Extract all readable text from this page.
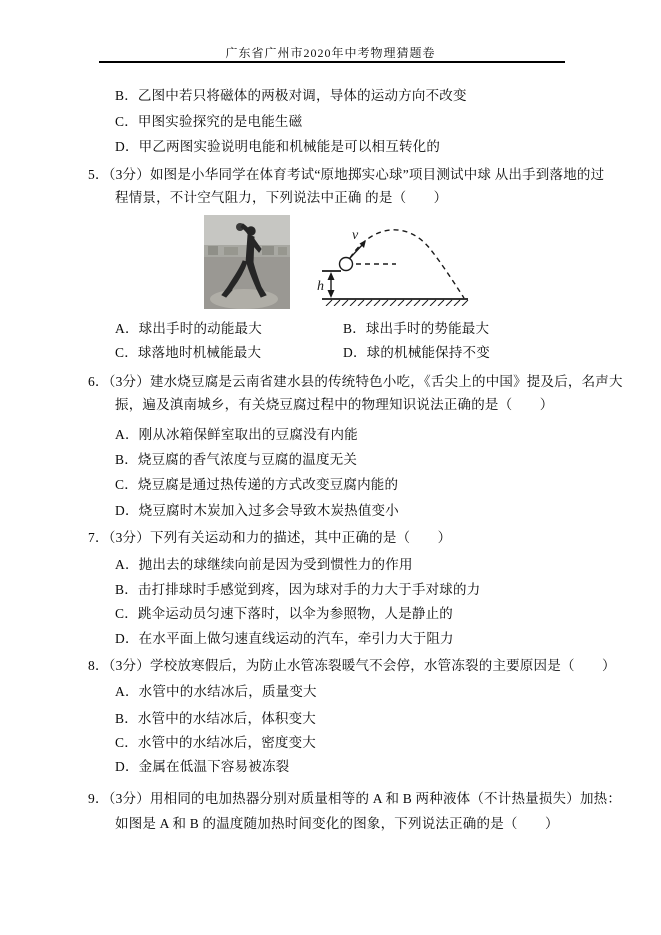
广东省广州市2020年中考物理猜题卷
B．乙图中若只将磁体的两极对调，导体的运动方向不改变
C．甲图实验探究的是电能生磁
D．甲乙两图实验说明电能和机械能是可以相互转化的
5．（3分）如图是小华同学在体育考试“原地掷实心球”项目测试中球 从出手到落地的过
程情景，不计空气阻力，下列说法中正确 的是（　　）
v
h
A．球出手时的动能最大	B．球出手时的势能最大
C．球落地时机械能最大	D．球的机械能保持不变
6．（3分）建水烧豆腐是云南省建水县的传统特色小吃，《舌尖上的中国》提及后，名声大
振，遍及滇南城乡，有关烧豆腐过程中的物理知识说法正确的是（　　）
A．刚从冰箱保鲜室取出的豆腐没有内能
B．烧豆腐的香气浓度与豆腐的温度无关
C．烧豆腐是通过热传递的方式改变豆腐内能的
D．烧豆腐时木炭加入过多会导致木炭热值变小
7．（3分）下列有关运动和力的描述，其中正确的是（　　）
A．抛出去的球继续向前是因为受到惯性力的作用
B．击打排球时手感觉到疼，因为球对手的力大于手对球的力
C．跳伞运动员匀速下落时，以伞为参照物，人是静止的
D．在水平面上做匀速直线运动的汽车，牵引力大于阻力
8．（3分）学校放寒假后，为防止水管冻裂暖气不会停，水管冻裂的主要原因是（　　）
A．水管中的水结冰后，质量变大
B．水管中的水结冰后，体积变大
C．水管中的水结冰后，密度变大
D．金属在低温下容易被冻裂
9．（3分）用相同的电加热器分别对质量相等的 A 和 B 两种液体（不计热量损失）加热：
如图是 A 和 B 的温度随加热时间变化的图象，下列说法正确的是（　　）
